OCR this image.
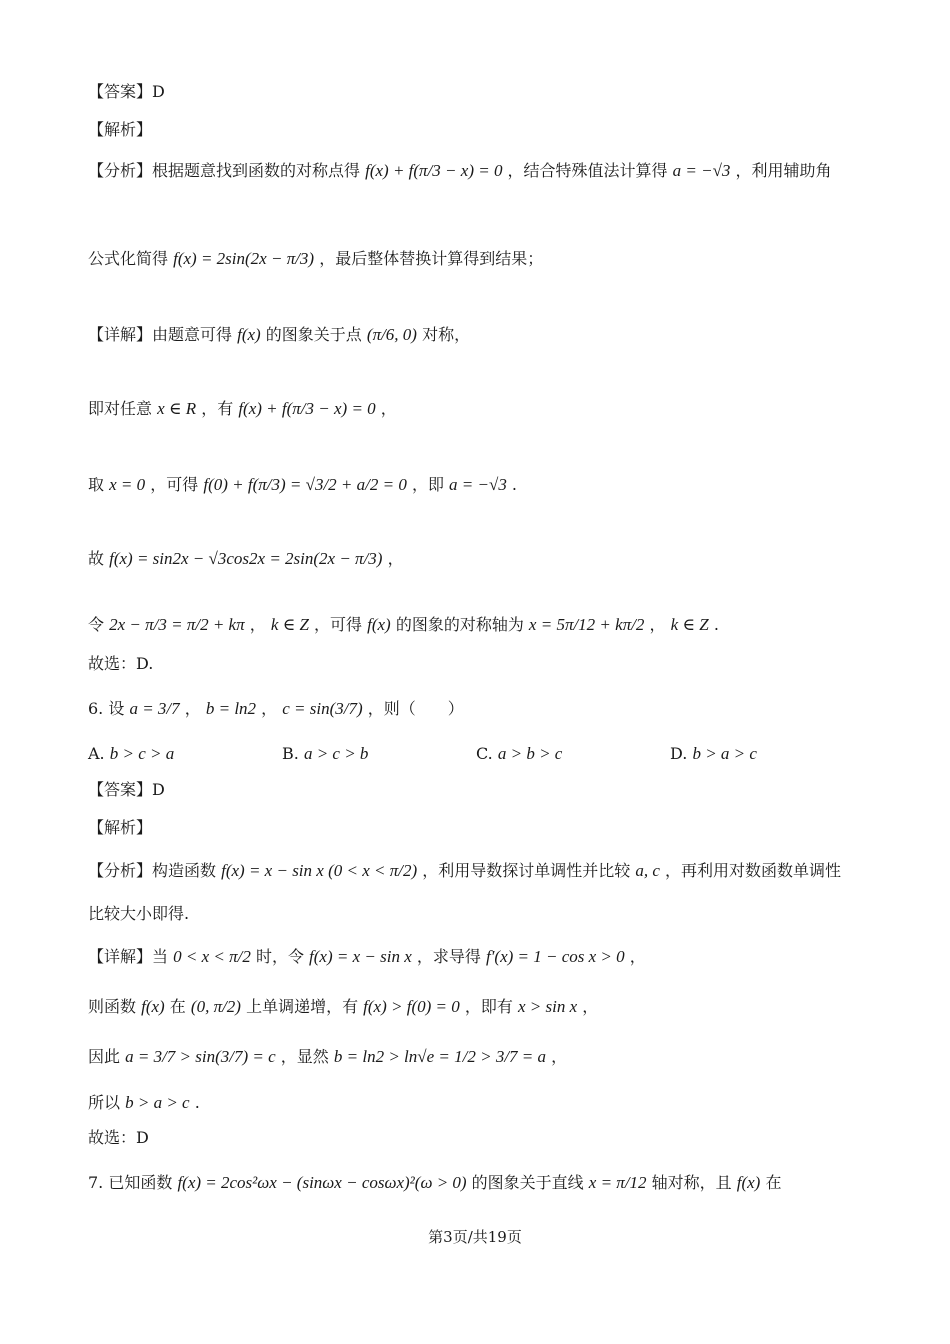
【答案】D
【解析】
【分析】根据题意找到函数的对称点得 f(x) + f(π/3 − x) = 0 ，结合特殊值法计算得 a = −√3 ，利用辅助角
公式化简得 f(x) = 2sin(2x − π/3) ，最后整体替换计算得到结果；
【详解】由题意可得 f(x) 的图象关于点 (π/6, 0) 对称，
即对任意 x ∈ R ，有 f(x) + f(π/3 − x) = 0 ，
取 x = 0 ，可得 f(0) + f(π/3) = √3/2 + a/2 = 0 ，即 a = −√3 .
故 f(x) = sin2x − √3cos2x = 2sin(2x − π/3) ，
令 2x − π/3 = π/2 + kπ ， k ∈ Z ，可得 f(x) 的图象的对称轴为 x = 5π/12 + kπ/2 ， k ∈ Z .
故选：D.
6. 设 a = 3/7 ， b = ln2 ， c = sin(3/7) ，则（　　）
A. b > c > a	B. a > c > b	C. a > b > c	D. b > a > c
【答案】D
【解析】
【分析】构造函数 f(x) = x − sin x (0 < x < π/2) ，利用导数探讨单调性并比较 a, c ，再利用对数函数单调性
比较大小即得.
【详解】当 0 < x < π/2 时，令 f(x) = x − sin x ，求导得 f′(x) = 1 − cos x > 0 ，
则函数 f(x) 在 (0, π/2) 上单调递增，有 f(x) > f(0) = 0 ，即有 x > sin x ，
因此 a = 3/7 > sin(3/7) = c ，显然 b = ln2 > ln√e = 1/2 > 3/7 = a ，
所以 b > a > c .
故选：D
7. 已知函数 f(x) = 2cos²ωx − (sinωx − cosωx)²(ω > 0) 的图象关于直线 x = π/12 轴对称，且 f(x) 在
第3页/共19页
